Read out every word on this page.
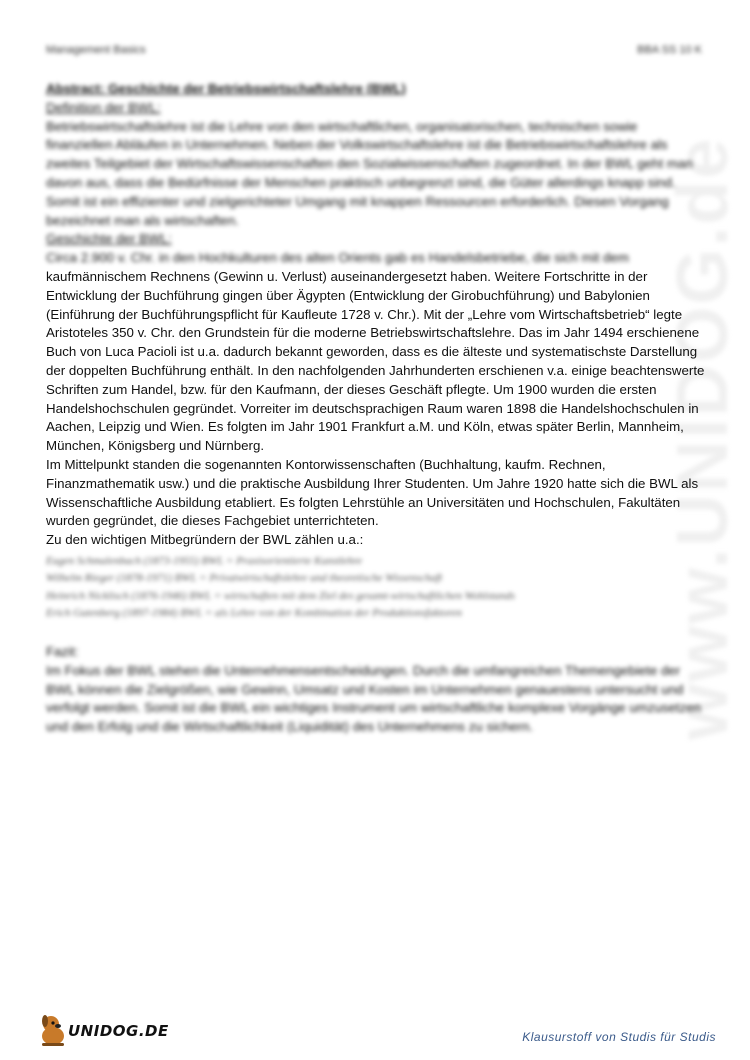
www.UNIDOG.de
Management Basics	BBA SS 10 K
Abstract: Geschichte der Betriebswirtschaftslehre (BWL)
Definition der BWL:

Betriebswirtschaftslehre ist die Lehre von den wirtschaftlichen, organisatorischen, technischen sowie finanziellen Abläufen in Unternehmen. Neben der Volkswirtschaftslehre ist die Betriebswirtschaftslehre als zweites Teilgebiet der Wirtschaftswissenschaften den Sozialwissenschaften zugeordnet. In der BWL geht man davon aus, dass die Bedürfnisse der Menschen praktisch unbegrenzt sind, die Güter allerdings knapp sind. Somit ist ein effizienter und zielgerichteter Umgang mit knappen Ressourcen erforderlich. Diesen Vorgang bezeichnet man als wirtschaften.

Geschichte der BWL:
Circa 2.900 v. Chr. in den Hochkulturen des alten Orients gab es Handelsbetriebe, die sich mit dem

kaufmännischem Rechnens (Gewinn u. Verlust) auseinandergesetzt haben. Weitere Fortschritte in der Entwicklung der Buchführung gingen über Ägypten (Entwicklung der Girobuchführung) und Babylonien (Einführung der Buchführungspflicht für Kaufleute 1728 v. Chr.). Mit der „Lehre vom Wirtschaftsbetrieb“ legte Aristoteles 350 v. Chr. den Grundstein für die moderne Betriebswirtschaftslehre. Das im Jahr 1494 erschienene Buch von Luca Pacioli ist u.a. dadurch bekannt geworden, dass es die älteste und systematischste Darstellung der doppelten Buchführung enthält. In den nachfolgenden Jahrhunderten erschienen v.a. einige beachtenswerte Schriften zum Handel, bzw. für den Kaufmann, der dieses Geschäft pflegte. Um 1900 wurden die ersten Handelshochschulen gegründet. Vorreiter im deutschsprachigen Raum waren 1898 die Handelshochschulen in Aachen, Leipzig und Wien. Es folgten im Jahr 1901 Frankfurt a.M. und Köln, etwas später Berlin, Mannheim, München, Königsberg und Nürnberg.

Im Mittelpunkt standen die sogenannten Kontorwissenschaften (Buchhaltung, kaufm. Rechnen, Finanzmathematik usw.) und die praktische Ausbildung Ihrer Studenten. Um Jahre 1920 hatte sich die BWL als Wissenschaftliche Ausbildung etabliert. Es folgten Lehrstühle an Universitäten und Hochschulen, Fakultäten wurden gegründet, die dieses Fachgebiet unterrichteten.

Zu den wichtigen Mitbegründern der BWL zählen u.a.:
Eugen Schmalenbach (1873-1955) BWL = Praxisorientierte Kunstlehre
Wilhelm Rieger (1878-1971) BWL = Privatwirtschaftslehre und theoretische Wissenschaft
Heinrich Nicklisch (1876-1946) BWL = wirtschaften mit dem Ziel des gesamt-wirtschaftlichen Wohlstands
Erich Gutenberg (1897-1984) BWL = als Lehre von der Kombination der Produktionsfaktoren
Fazit:

Im Fokus der BWL stehen die Unternehmensentscheidungen. Durch die umfangreichen Themengebiete der BWL können die Zielgrößen, wie Gewinn, Umsatz und Kosten im Unternehmen genauestens untersucht und verfolgt werden. Somit ist die BWL ein wichtiges Instrument um wirtschaftliche komplexe Vorgänge umzusetzen und den Erfolg und die Wirtschaftlichkeit (Liquidität) des Unternehmens zu sichern.

UNIDOG.DE	Klausurstoff von Studis für Studis
